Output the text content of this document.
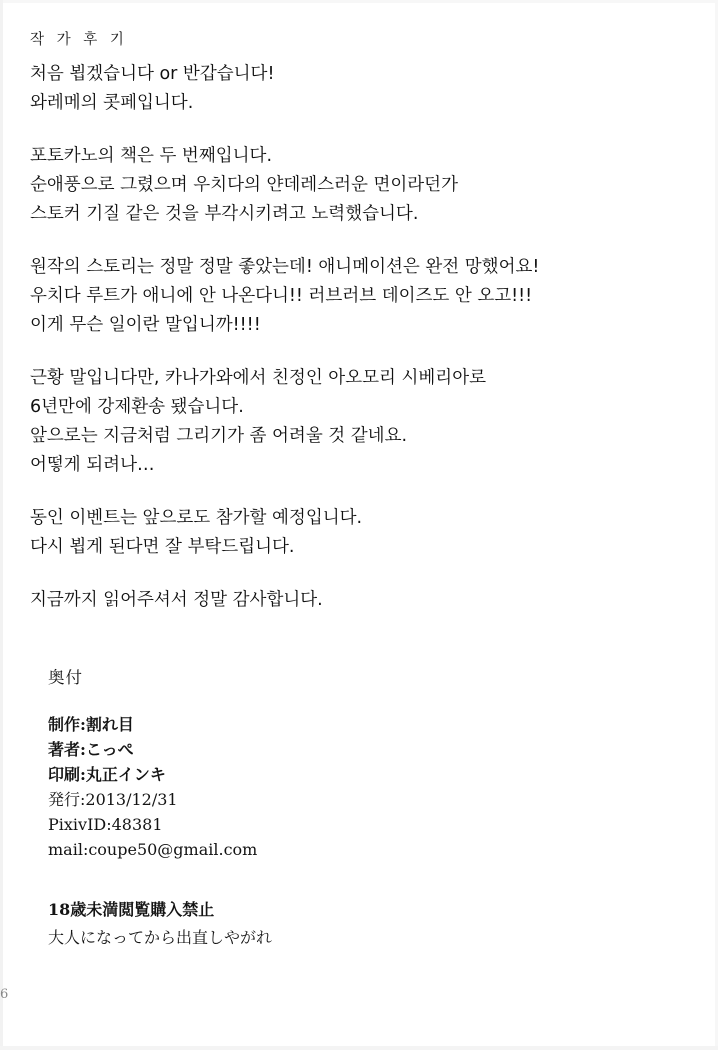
작 가 후 기
처음 뵙겠습니다 or 반갑습니다!
와레메의 콧페입니다.
포토카노의 책은 두 번째입니다.
순애풍으로 그렸으며 우치다의 얀데레스러운 면이라던가
스토커 기질 같은 것을 부각시키려고 노력했습니다.
원작의 스토리는 정말 정말 좋았는데! 애니메이션은 완전 망했어요!
우치다 루트가 애니에 안 나온다니!! 러브러브 데이즈도 안 오고!!!
이게 무슨 일이란 말입니까!!!!
근황 말입니다만, 카나가와에서 친정인 아오모리 시베리아로
6년만에 강제환송 됐습니다.
앞으로는 지금처럼 그리기가 좀 어려울 것 같네요.
어떻게 되려나…
동인 이벤트는 앞으로도 참가할 예정입니다.
다시 뵙게 된다면 잘 부탁드립니다.
지금까지 읽어주셔서 정말 감사합니다.
奥付
制作:割れ目
著者:こっぺ
印刷:丸正インキ
発行:2013/12/31
PixivID:48381
mail:coupe50@gmail.com
18歳未満閲覧購入禁止
大人になってから出直しやがれ
6
